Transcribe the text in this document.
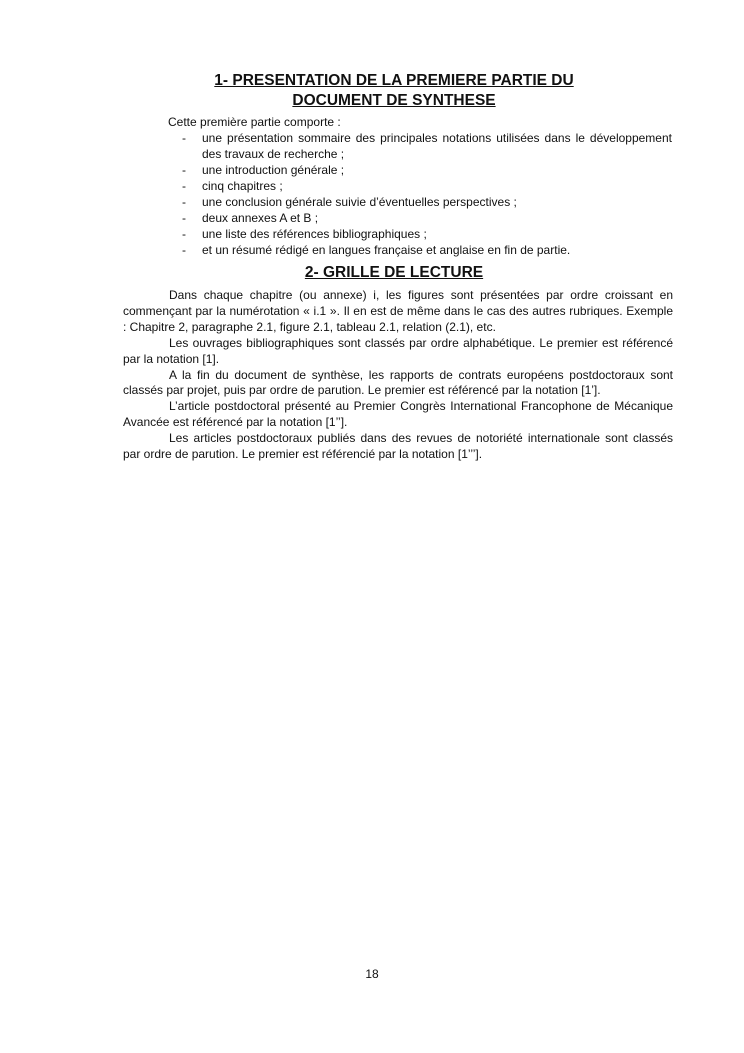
1- PRESENTATION DE LA PREMIERE PARTIE DU
DOCUMENT DE SYNTHESE

Cette première partie comporte :

- une présentation sommaire des principales notations utilisées dans le développement des travaux de recherche ;
- une introduction générale ;
- cinq chapitres ;
- une conclusion générale suivie d’éventuelles perspectives ;
- deux annexes A et B ;
- une liste des références bibliographiques ;
- et un résumé rédigé en langues française et anglaise en fin de partie.
2- GRILLE DE LECTURE

Dans chaque chapitre (ou annexe) i, les figures sont présentées par ordre croissant en commençant par la numérotation « i.1 ». Il en est de même dans le cas des autres rubriques. Exemple : Chapitre 2, paragraphe 2.1, figure 2.1, tableau 2.1, relation (2.1), etc.

Les ouvrages bibliographiques sont classés par ordre alphabétique. Le premier est référencé par la notation [1].

A la fin du document de synthèse, les rapports de contrats européens postdoctoraux sont classés par projet, puis par ordre de parution. Le premier est référencé par la notation [1’].

L’article postdoctoral présenté au Premier Congrès International Francophone de Mécanique Avancée est référencé par la notation [1’’].

Les articles postdoctoraux publiés dans des revues de notoriété internationale sont classés par ordre de parution. Le premier est référencié par la notation [1’’’].

18
